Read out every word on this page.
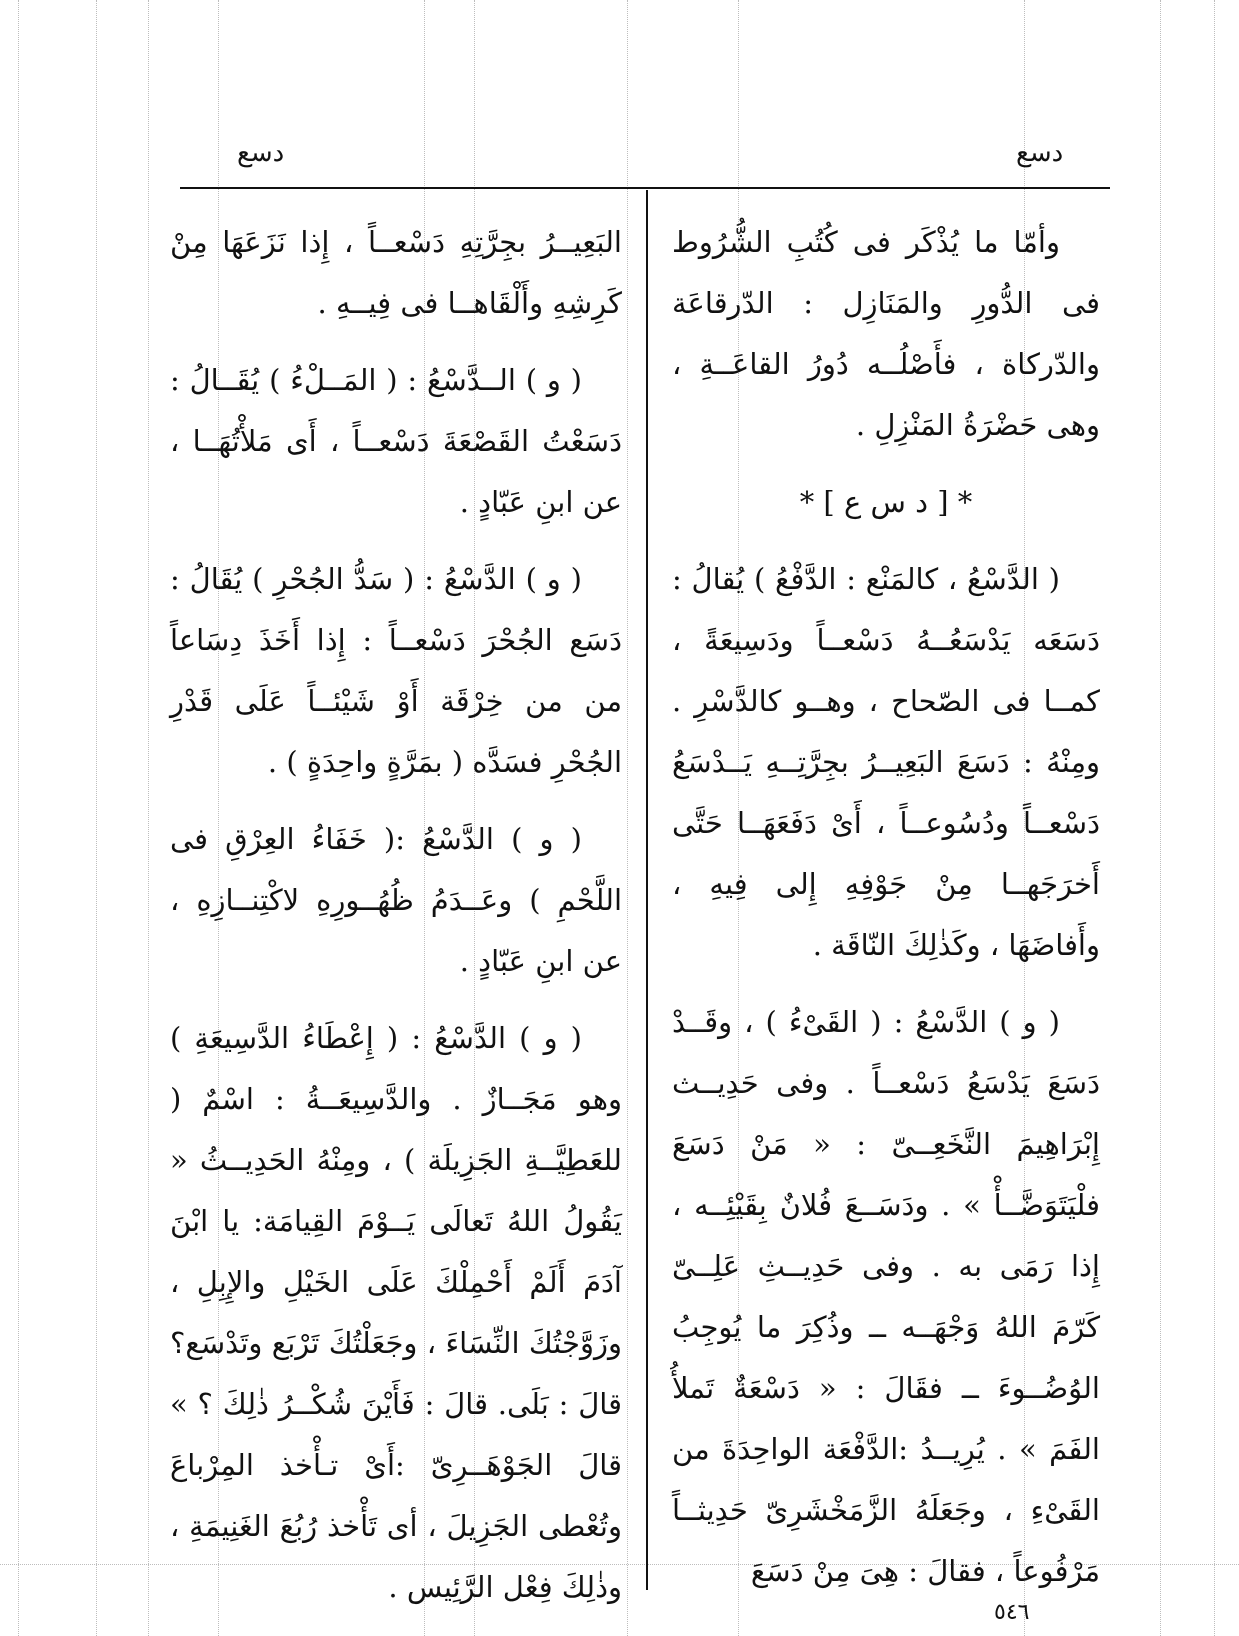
دسع	دسع

وأمّا ما يُذْكَر فى كُتُبِ الشُّرُوط فى الدُّورِ والمَنَازِل : الدّرقاعَة والدّركاة ، فأَصْلُــه دُورُ القاعَــةِ ، وهى حَضْرَةُ المَنْزِلِ .

* [ د س ع ] *

( الدَّسْعُ ، كالمَنْع : الدَّفْعُ ) يُقالُ : دَسَعَه يَدْسَعُــهُ دَسْعــاً ودَسِيعَةً ، كمــا فى الصّحاح ، وهــو كالدَّسْرِ . ومِنْهُ : دَسَعَ البَعِيــرُ بجِرَّتِــهِ يَــدْسَعُ دَسْعــاً ودُسُوعــاً ، أَىْ دَفَعَهَــا حَتَّى أَخرَجَهــا مِنْ جَوْفِهِ إِلى فِيهِ ، وأَفاضَهَا ، وكَذٰلِكَ النّاقَة .

( و ) الدَّسْعُ : ( القَىْءُ ) ، وقَــدْ دَسَعَ يَدْسَعُ دَسْعــاً . وفى حَدِيــث إِبْرَاهِيمَ النَّخَعِــىّ : « مَنْ دَسَعَ فلْيَتَوَضَّــأْ » . ودَسَــعَ فُلانٌ بِقَيْئِــه ، إِذا رَمَى به . وفى حَدِيــثِ عَلِــىّ كَرّمَ اللهُ وَجْهَــه ــ وذُكِرَ ما يُوجِبُ الوُضُــوءَ ــ فقَالَ : « دَسْعَةٌ تَملأُ الفَمَ » . يُرِيــدُ :الدَّفْعَة الواحِدَةَ من القَىْءِ ، وجَعَلَهُ الزَّمَخْشَرِىّ حَدِيثــاً مَرْفُوعاً ، فقالَ : هِىَ مِنْ دَسَعَ

البَعِيــرُ بجِرَّتِهِ دَسْعــاً ، إِذا نَزَعَهَا مِنْ كَرِشِهِ وأَلْقَاهــا فى فِيــهِ .

( و ) الــدَّسْعُ : ( المَــلْءُ ) يُقَــالُ : دَسَعْتُ القَصْعَةَ دَسْعــاً ، أَى مَلأْتُهَــا ، عن ابنِ عَبّادٍ .

( و ) الدَّسْعُ : ( سَدُّ الجُحْرِ ) يُقَالُ : دَسَع الجُحْرَ دَسْعــاً : إِذا أَخَذَ دِسَاعاً من من خِرْقَة أَوْ شَيْئــاً عَلَى قَدْرِ الجُحْرِ فسَدَّه ( بمَرَّةٍ واحِدَةٍ ) .

( و ) الدَّسْعُ :( خَفَاءُ العِرْقِ فى اللَّحْمِ ) وعَــدَمُ ظُهُــورِهِ لاكْتِنــازِهِ ، عن ابنِ عَبّادٍ .

( و ) الدَّسْعُ : ( إِعْطَاءُ الدَّسِيعَةِ ) وهو مَجَــازٌ . والدَّسِيعَــةُ : اسْمٌ ( للعَطِيَّــةِ الجَزِيلَة ) ، ومِنْهُ الحَدِيــثُ « يَقُولُ اللهُ تَعالَى يَــوْمَ القِيامَة: يا ابْنَ آدَمَ أَلَمْ أَحْمِلْكَ عَلَى الخَيْلِ والإِبِلِ ، وزَوَّجْتُكَ النِّسَاءَ ، وجَعَلْتُكَ تَرْبَع وتَدْسَع؟ قالَ : بَلَى. قالَ : فَأَيْنَ شُكْــرُ ذٰلِكَ ؟ » قالَ الجَوْهَــرِىّ :أَىْ تـأْخذ المِرْباعَ وتُعْطى الجَزِيلَ ، أى تَأْخذ رُبُعَ الغَنِيمَةِ ، وذٰلِكَ فِعْل الرَّئِيس .

٥٤٦
